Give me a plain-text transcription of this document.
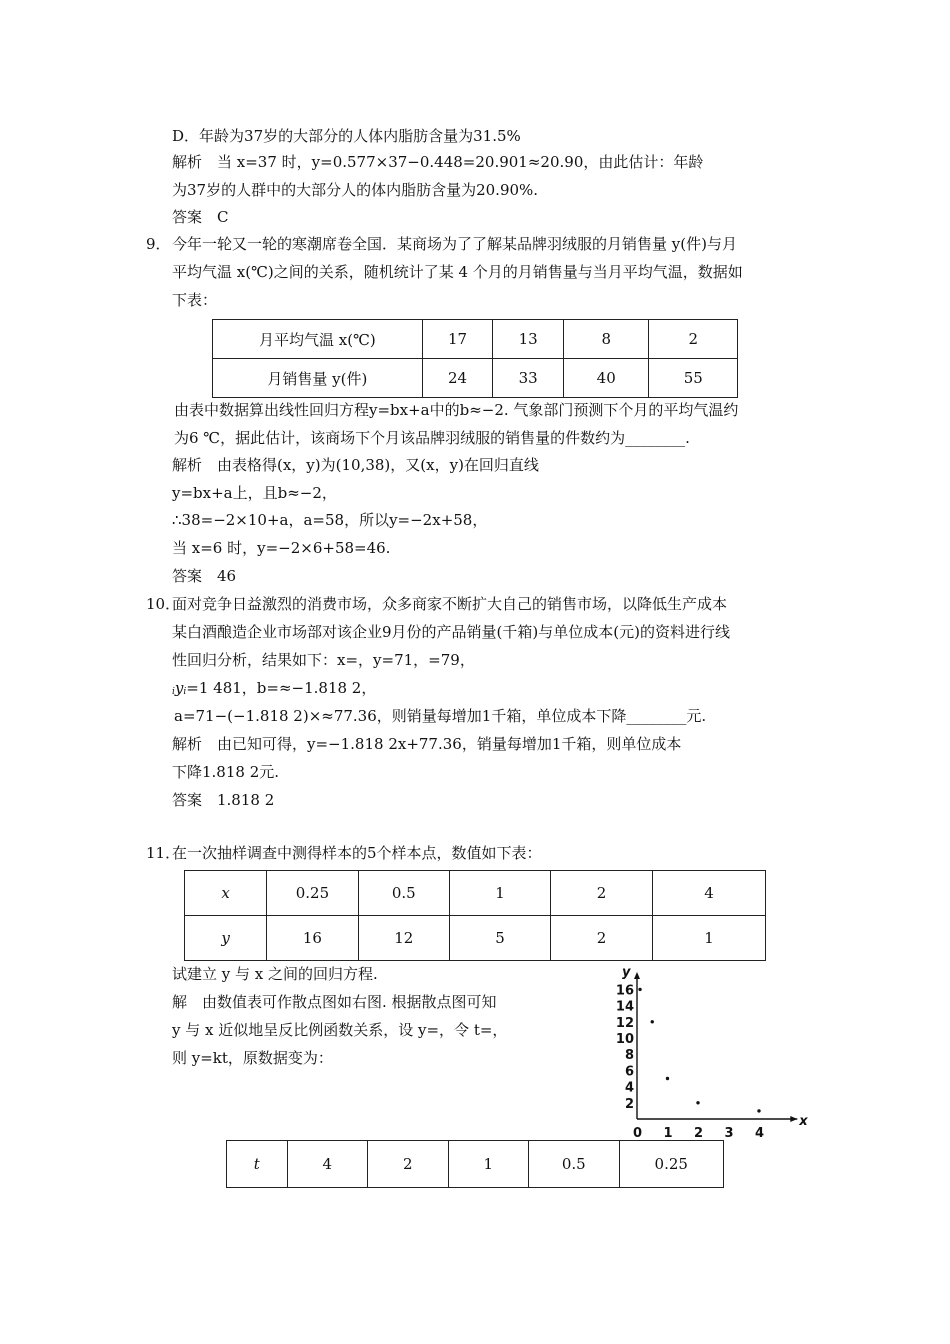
D．年龄为37岁的大部分的人体内脂肪含量为31.5%
解析　当 x=37 时，y=0.577×37−0.448=20.901≈20.90，由此估计：年龄
为37岁的人群中的大部分人的体内脂肪含量为20.90%.
答案　C
9． 今年一轮又一轮的寒潮席卷全国．某商场为了了解某品牌羽绒服的月销售量 y(件)与月
平均气温 x(℃)之间的关系，随机统计了某 4 个月的月销售量与当月平均气温，数据如
下表：
月平均气温 x(℃)	17	13	8	2
月销售量 y(件)	24	33	40	55
由表中数据算出线性回归方程y=bx+a中的b≈−2. 气象部门预测下个月的平均气温约
为6 ℃，据此估计，该商场下个月该品牌羽绒服的销售量的件数约为________.
解析　由表格得(x，y)为(10,38)，又(x，y)在回归直线
y=bx+a上，且b≈−2，
∴38=−2×10+a，a=58，所以y=−2x+58，
当 x=6 时，y=−2×6+58=46.
答案　46
10．
面对竞争日益激烈的消费市场，众多商家不断扩大自己的销售市场，以降低生产成本
某白酒酿造企业市场部对该企业9月份的产品销量(千箱)与单位成本(元)的资料进行线
性回归分析，结果如下：x=，y=71，=79，
iyi=1 481，b=≈−1.818 2，
a=71−(−1.818 2)×≈77.36，则销量每增加1千箱，单位成本下降________元.
解析　由已知可得，y=−1.818 2x+77.36，销量每增加1千箱，则单位成本
下降1.818 2元.
答案　1.818 2
11．
在一次抽样调查中测得样本的5个样本点，数值如下表：
x	0.25	0.5	1	2	4
y	16	12	5	2	1
试建立 y 与 x 之间的回归方程.
解　由数值表可作散点图如右图. 根据散点图可知
y 与 x 近似地呈反比例函数关系，设 y=，令 t=，
则 y=kt，原数据变为：
x
y
0 1 2 3 4
2
4
6
8
10
12
14
16
t	4	2	1	0.5	0.25
